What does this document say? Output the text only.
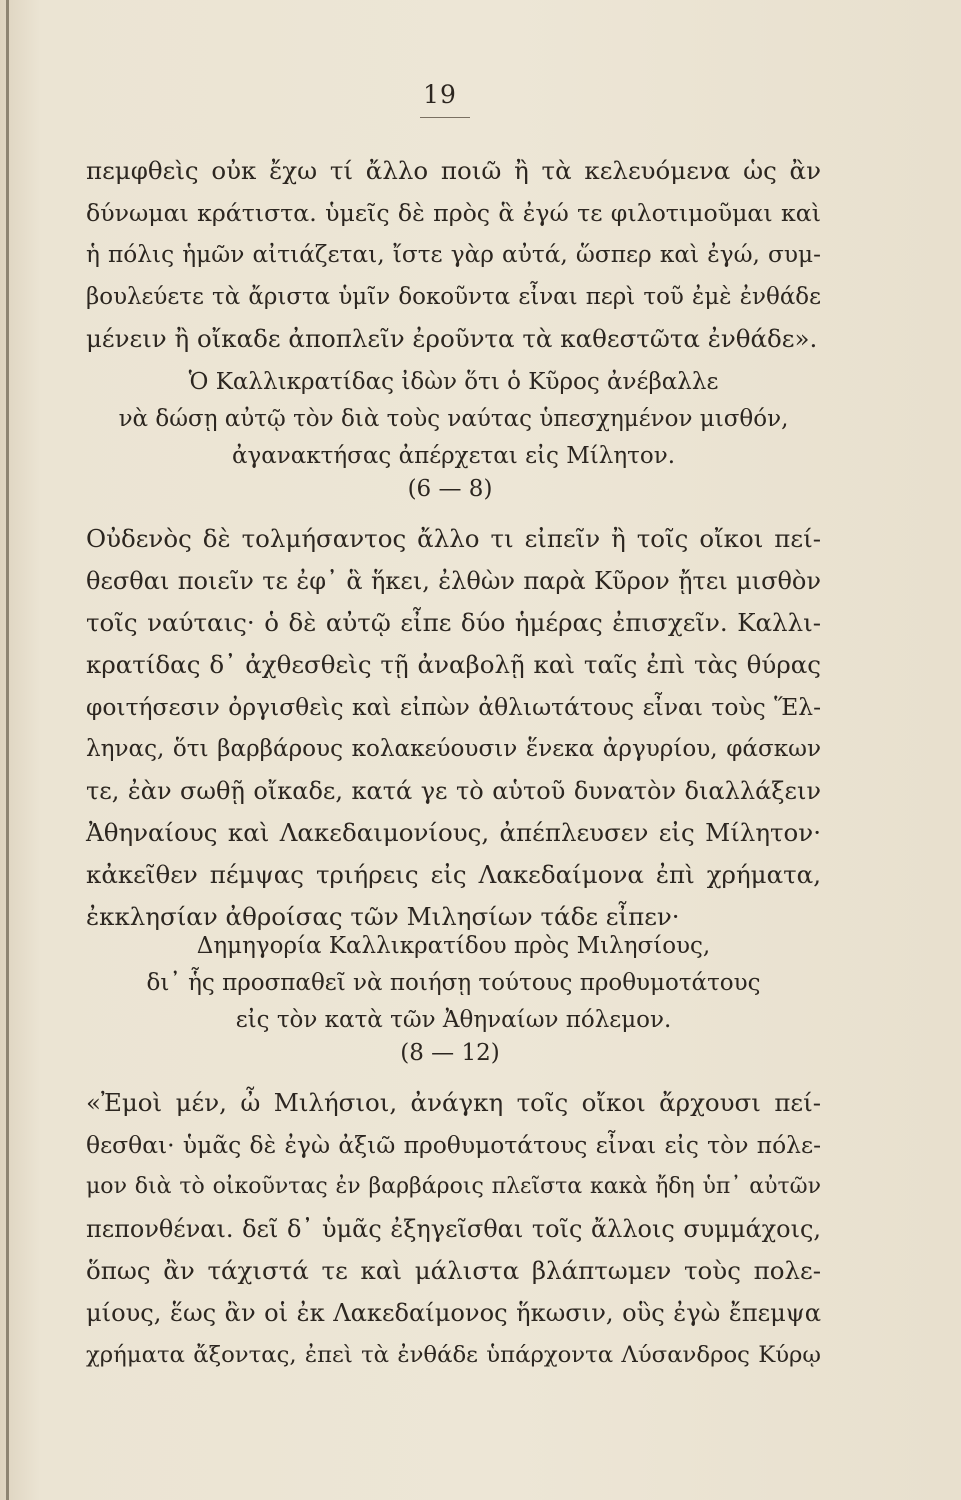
19
πεμφθεὶς οὐκ ἔχω τί ἄλλο ποιῶ ἢ τὰ κελευόμενα ὡς ἂν
δύνωμαι κράτιστα. ὑμεῖς δὲ πρὸς ἃ ἐγώ τε φιλοτιμοῦμαι καὶ
ἡ πόλις ἡμῶν αἰτιάζεται, ἴστε γὰρ αὐτά, ὥσπερ καὶ ἐγώ, συμ-
βουλεύετε τὰ ἄριστα ὑμῖν δοκοῦντα εἶναι περὶ τοῦ ἐμὲ ἐνθάδε
μένειν ἢ οἴκαδε ἀποπλεῖν ἐροῦντα τὰ καθεστῶτα ἐνθάδε».
Ὁ Καλλικρατίδας ἰδὼν ὅτι ὁ Κῦρος ἀνέβαλλε
νὰ δώσῃ αὐτῷ τὸν διὰ τοὺς ναύτας ὑπεσχημένον μισθόν,
ἀγανακτήσας ἀπέρχεται εἰς Μίλητον.
(6 — 8)
Οὐδενὸς δὲ τολμήσαντος ἄλλο τι εἰπεῖν ἢ τοῖς οἴκοι πεί-
θεσθαι ποιεῖν τε ἐφ᾽ ἃ ἥκει, ἐλθὼν παρὰ Κῦρον ᾔτει μισθὸν
τοῖς ναύταις· ὁ δὲ αὐτῷ εἶπε δύο ἡμέρας ἐπισχεῖν. Καλλι-
κρατίδας δ᾽ ἀχθεσθεὶς τῇ ἀναβολῇ καὶ ταῖς ἐπὶ τὰς θύρας
φοιτήσεσιν ὀργισθεὶς καὶ εἰπὼν ἀθλιωτάτους εἶναι τοὺς Ἕλ-
ληνας, ὅτι βαρβάρους κολακεύουσιν ἕνεκα ἀργυρίου, φάσκων
τε, ἐὰν σωθῇ οἴκαδε, κατά γε τὸ αὑτοῦ δυνατὸν διαλλάξειν
Ἀθηναίους καὶ Λακεδαιμονίους, ἀπέπλευσεν εἰς Μίλητον·
κἀκεῖθεν πέμψας τριήρεις εἰς Λακεδαίμονα ἐπὶ χρήματα,
ἐκκλησίαν ἀθροίσας τῶν Μιλησίων τάδε εἶπεν·
Δημηγορία Καλλικρατίδου πρὸς Μιλησίους,
δι᾽ ἧς προσπαθεῖ νὰ ποιήσῃ τούτους προθυμοτάτους
εἰς τὸν κατὰ τῶν Ἀθηναίων πόλεμον.
(8 — 12)
«Ἐμοὶ μέν, ὦ Μιλήσιοι, ἀνάγκη τοῖς οἴκοι ἄρχουσι πεί-
θεσθαι· ὑμᾶς δὲ ἐγὼ ἀξιῶ προθυμοτάτους εἶναι εἰς τὸν πόλε-
μον διὰ τὸ οἰκοῦντας ἐν βαρβάροις πλεῖστα κακὰ ἤδη ὑπ᾽ αὐτῶν
πεπονθέναι. δεῖ δ᾽ ὑμᾶς ἐξηγεῖσθαι τοῖς ἄλλοις συμμάχοις,
ὅπως ἂν τάχιστά τε καὶ μάλιστα βλάπτωμεν τοὺς πολε-
μίους, ἕως ἂν οἱ ἐκ Λακεδαίμονος ἥκωσιν, οὓς ἐγὼ ἔπεμψα
χρήματα ἄξοντας, ἐπεὶ τὰ ἐνθάδε ὑπάρχοντα Λύσανδρος Κύρῳ
